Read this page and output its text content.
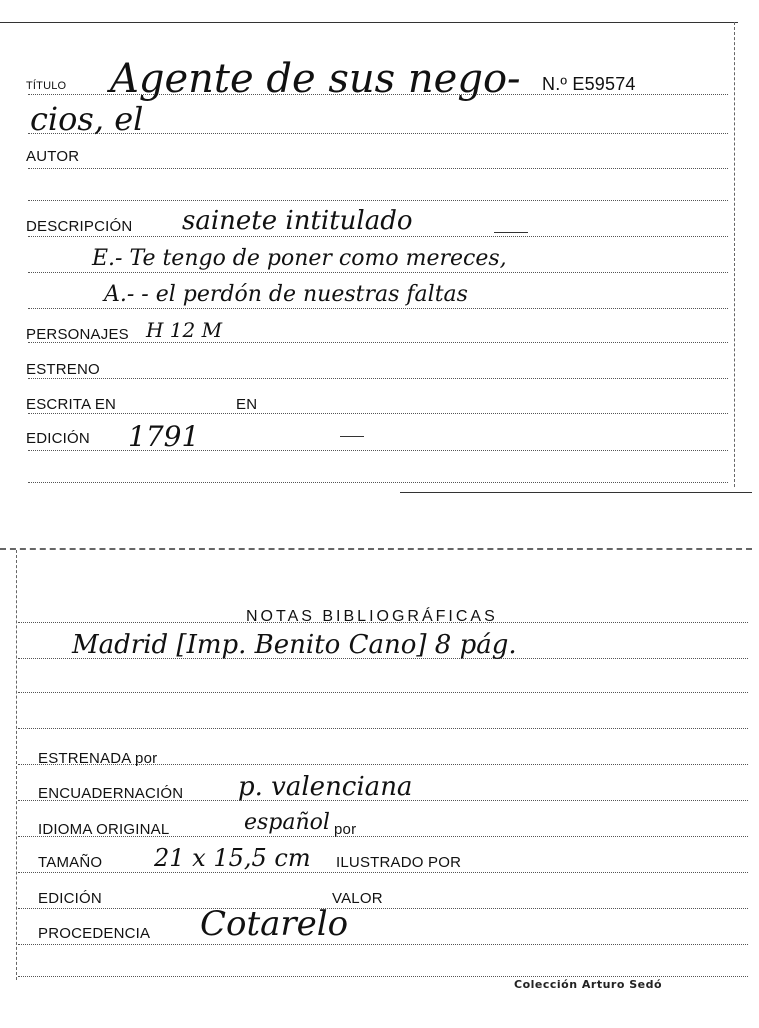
TÍTULO Agente de sus nego- N.º E59574
cios, el
AUTOR
DESCRIPCIÓN sainete intitulado
E.- Te tengo de poner como mereces,
A.- - el perdón de nuestras faltas
PERSONAJES H 12 M
ESTRENO
ESCRITA EN	EN
EDICIÓN 1791
NOTAS BIBLIOGRÁFICAS
Madrid [Imp. Benito Cano] 8 pág.
ESTRENADA por
ENCUADERNACIÓN p. valenciana
IDIOMA ORIGINAL	español por
TAMAÑO 21 x 15,5 cm ILUSTRADO POR
EDICIÓN	VALOR
PROCEDENCIA Cotarelo
Colección Arturo Sedó
